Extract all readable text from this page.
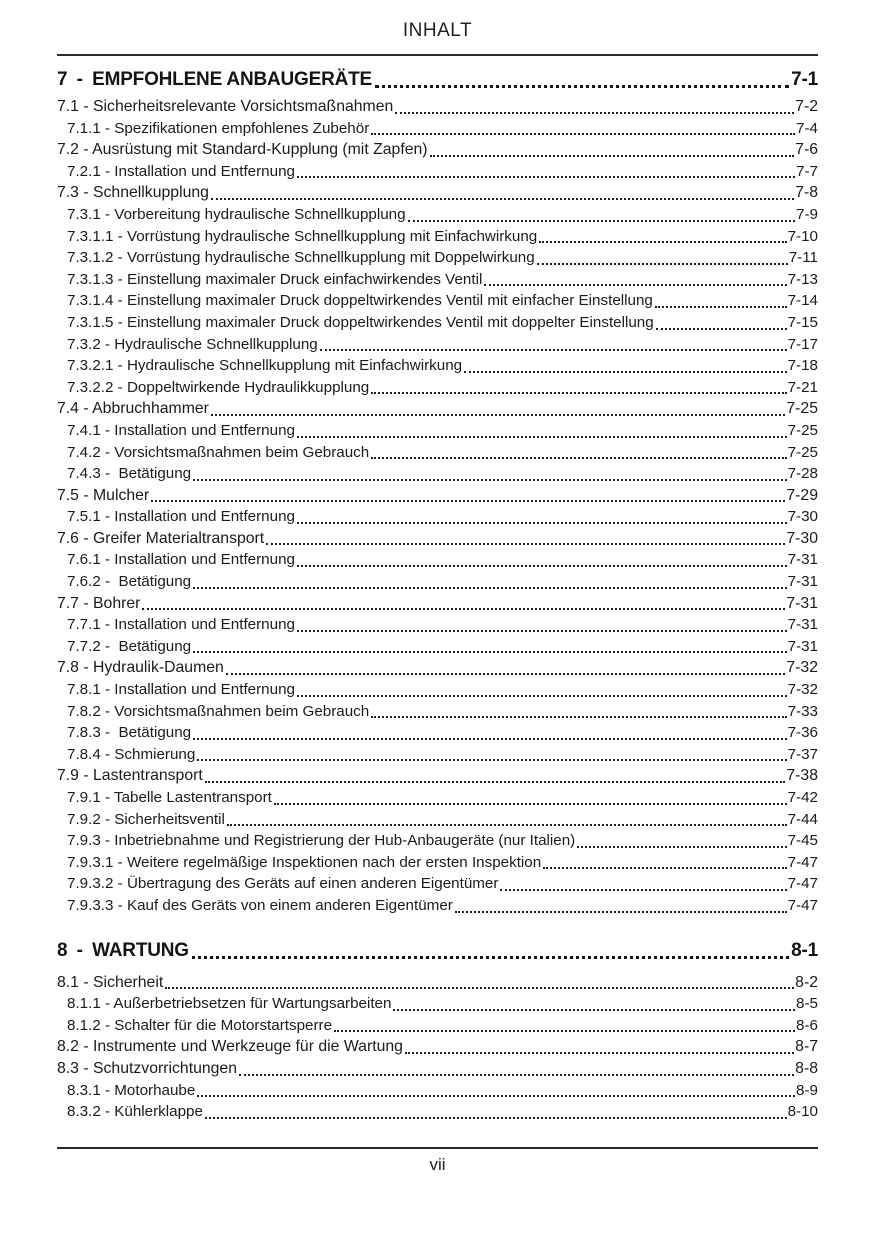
INHALT
7 - EMPFOHLENE ANBAUGERÄTE	7-1
7.1 - Sicherheitsrelevante Vorsichtsmaßnahmen	7-2
7.1.1 - Spezifikationen empfohlenes Zubehör	7-4
7.2 - Ausrüstung mit Standard-Kupplung (mit Zapfen)	7-6
7.2.1 - Installation und Entfernung	7-7
7.3 - Schnellkupplung	7-8
7.3.1 - Vorbereitung hydraulische Schnellkupplung	7-9
7.3.1.1 - Vorrüstung hydraulische Schnellkupplung mit Einfachwirkung	7-10
7.3.1.2 - Vorrüstung hydraulische Schnellkupplung mit Doppelwirkung	7-11
7.3.1.3 - Einstellung maximaler Druck einfachwirkendes Ventil	7-13
7.3.1.4 - Einstellung maximaler Druck doppeltwirkendes Ventil mit einfacher Einstellung	7-14
7.3.1.5 - Einstellung maximaler Druck doppeltwirkendes Ventil mit doppelter Einstellung	7-15
7.3.2 - Hydraulische Schnellkupplung	7-17
7.3.2.1 - Hydraulische Schnellkupplung mit Einfachwirkung	7-18
7.3.2.2 - Doppeltwirkende Hydraulikkupplung	7-21
7.4 - Abbruchhammer	7-25
7.4.1 - Installation und Entfernung	7-25
7.4.2 - Vorsichtsmaßnahmen beim Gebrauch	7-25
7.4.3 -  Betätigung	7-28
7.5 - Mulcher	7-29
7.5.1 - Installation und Entfernung	7-30
7.6 - Greifer Materialtransport	7-30
7.6.1 - Installation und Entfernung	7-31
7.6.2 -  Betätigung	7-31
7.7 - Bohrer	7-31
7.7.1 - Installation und Entfernung	7-31
7.7.2 -  Betätigung	7-31
7.8 - Hydraulik-Daumen	7-32
7.8.1 - Installation und Entfernung	7-32
7.8.2 - Vorsichtsmaßnahmen beim Gebrauch	7-33
7.8.3 -  Betätigung	7-36
7.8.4 - Schmierung	7-37
7.9 - Lastentransport	7-38
7.9.1 - Tabelle Lastentransport	7-42
7.9.2 - Sicherheitsventil	7-44
7.9.3 - Inbetriebnahme und Registrierung der Hub-Anbaugeräte (nur Italien)	7-45
7.9.3.1 - Weitere regelmäßige Inspektionen nach der ersten Inspektion	7-47
7.9.3.2 - Übertragung des Geräts auf einen anderen Eigentümer	7-47
7.9.3.3 - Kauf des Geräts von einem anderen Eigentümer	7-47
8 - WARTUNG	8-1
8.1 - Sicherheit	8-2
8.1.1 - Außerbetriebsetzen für Wartungsarbeiten	8-5
8.1.2 - Schalter für die Motorstartsperre	8-6
8.2 - Instrumente und Werkzeuge für die Wartung	8-7
8.3 - Schutzvorrichtungen	8-8
8.3.1 - Motorhaube	8-9
8.3.2 - Kühlerklappe	8-10
vii
